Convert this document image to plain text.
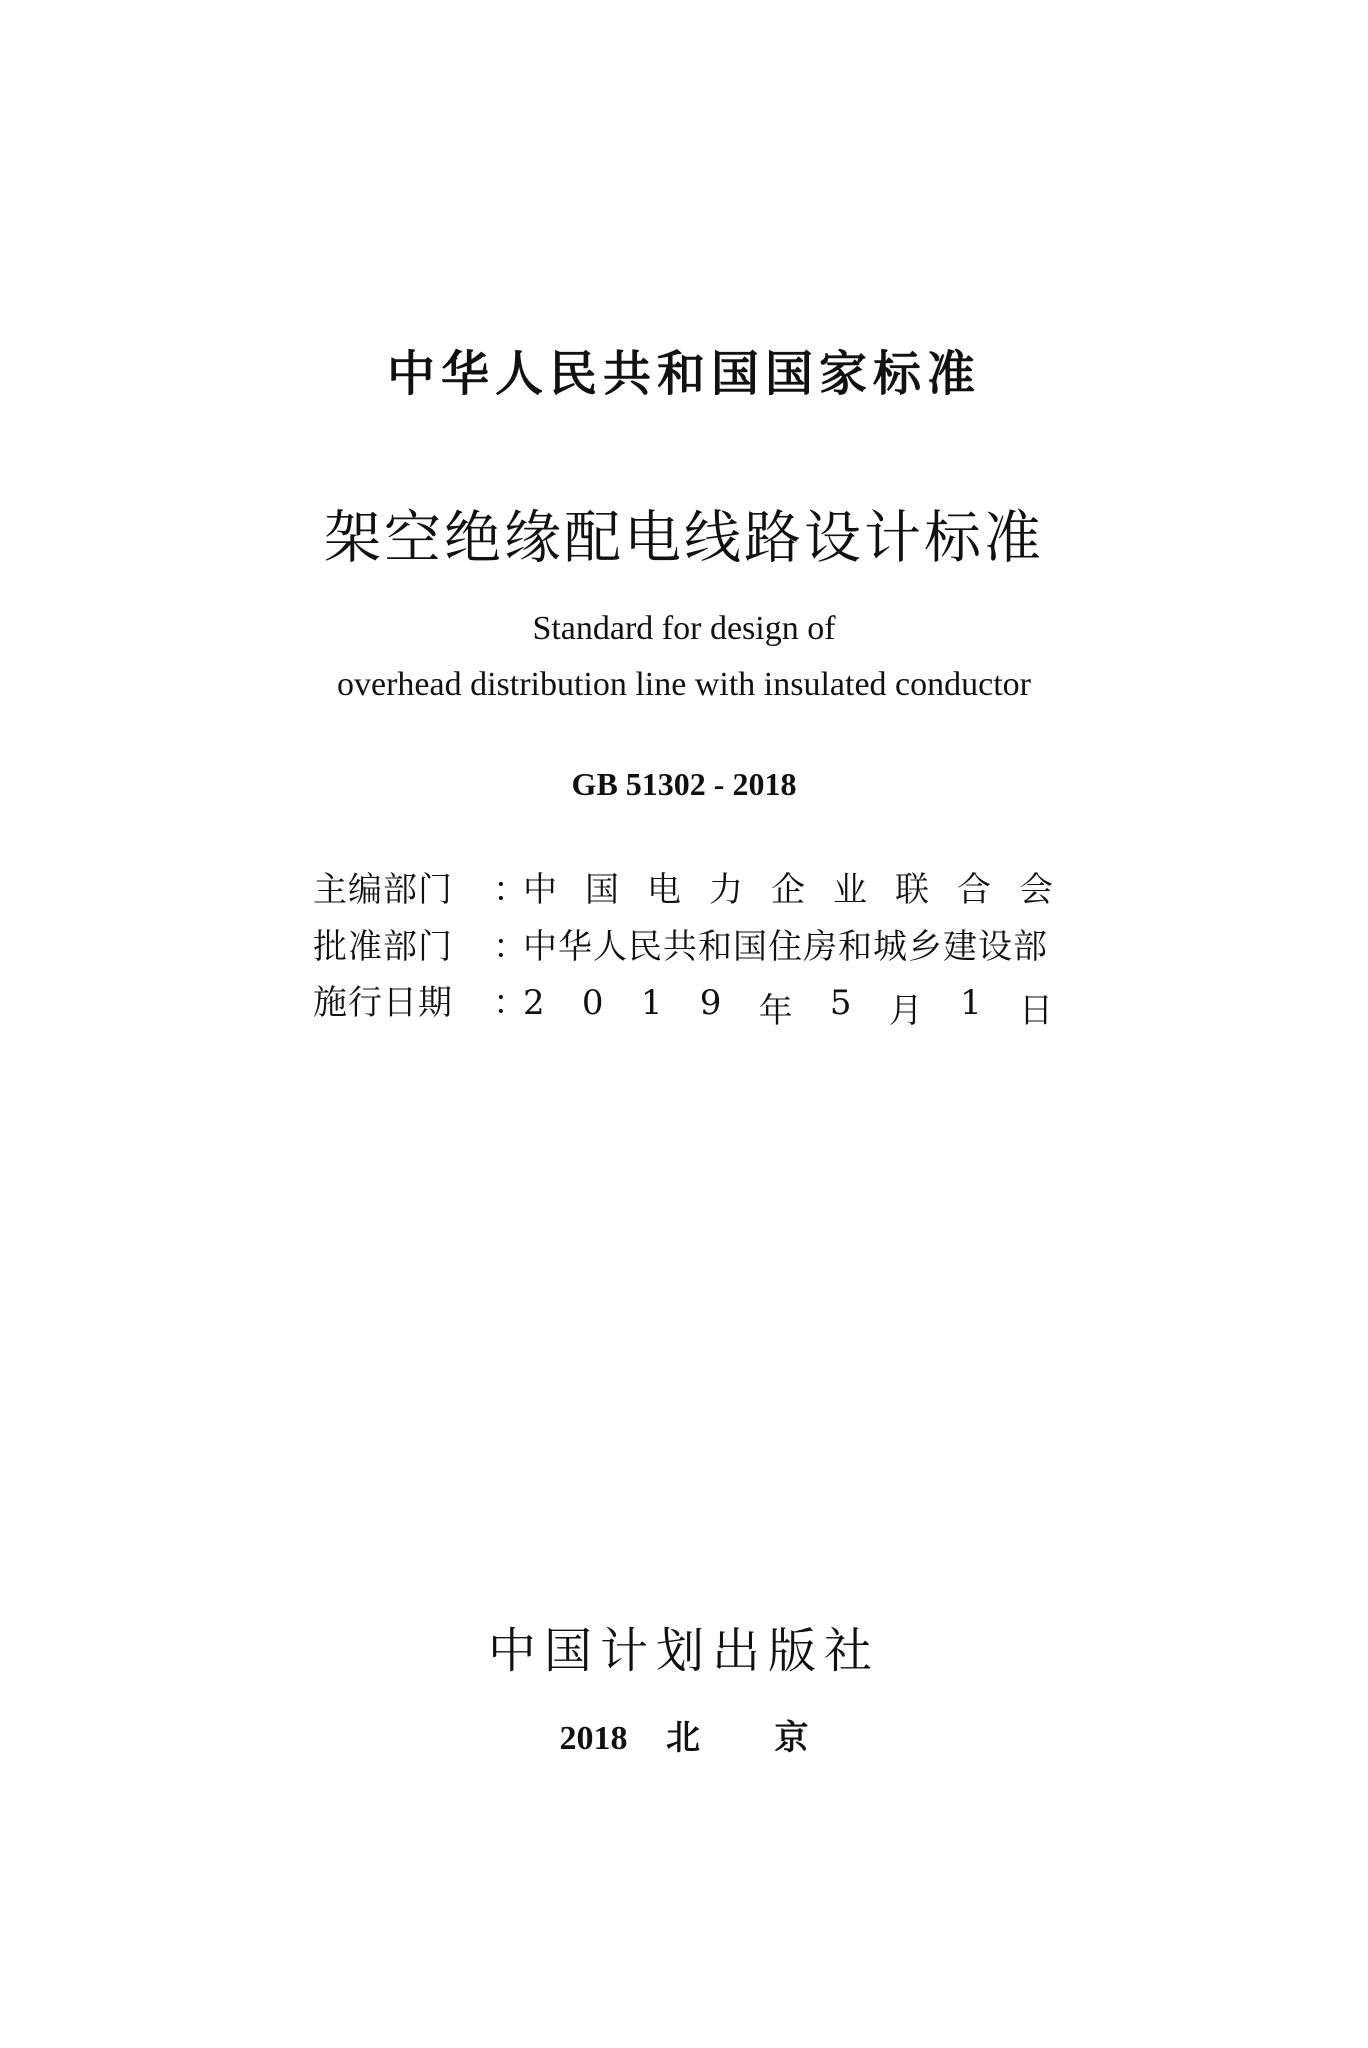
中华人民共和国国家标准
架空绝缘配电线路设计标准
Standard for design of
overhead distribution line with insulated conductor
GB 51302 - 2018
主编部门	：
中 国 电 力 企 业 联 合 会
批准部门	：
中华人民共和国住房和城乡建设部
施行日期	：
2 0 1 9 年 5 月 1 日
中国计划出版社
2018 北 京
